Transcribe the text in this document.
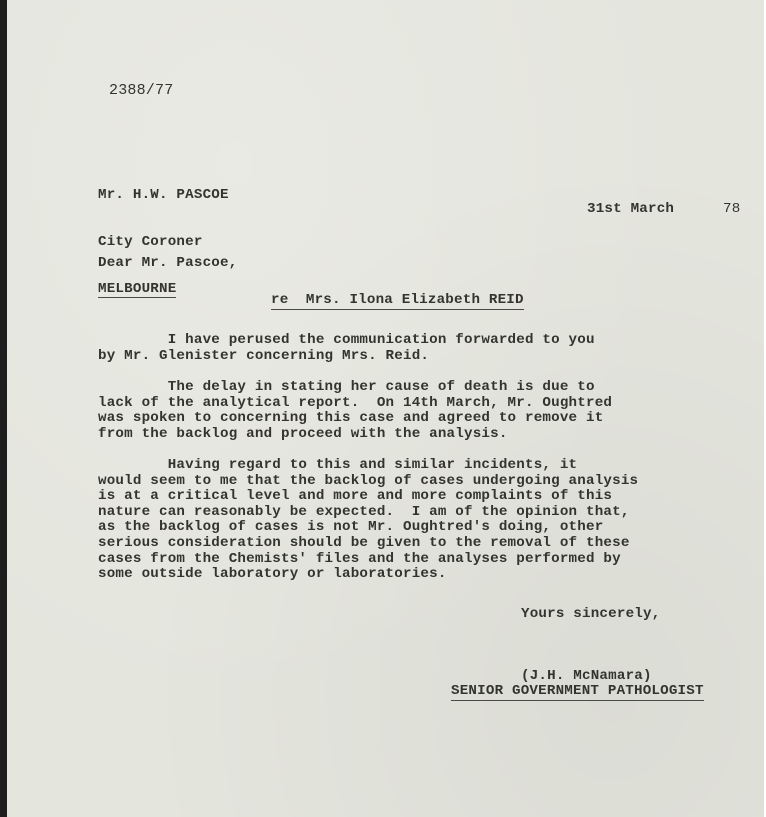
2388/77

Mr. H.W. PASCOE

City Coroner

MELBOURNE

31st March	78
Dear Mr. Pascoe,
re Mrs. Ilona Elizabeth REID
I have perused the communication forwarded to you
by Mr. Glenister concerning Mrs. Reid.
The delay in stating her cause of death is due to
lack of the analytical report.  On 14th March, Mr. Oughtred
was spoken to concerning this case and agreed to remove it
from the backlog and proceed with the analysis.
Having regard to this and similar incidents, it
would seem to me that the backlog of cases undergoing analysis
is at a critical level and more and more complaints of this
nature can reasonably be expected.  I am of the opinion that,
as the backlog of cases is not Mr. Oughtred's doing, other
serious consideration should be given to the removal of these
cases from the Chemists' files and the analyses performed by
some outside laboratory or laboratories.
Yours sincerely,
(J.H. McNamara)
SENIOR GOVERNMENT PATHOLOGIST
